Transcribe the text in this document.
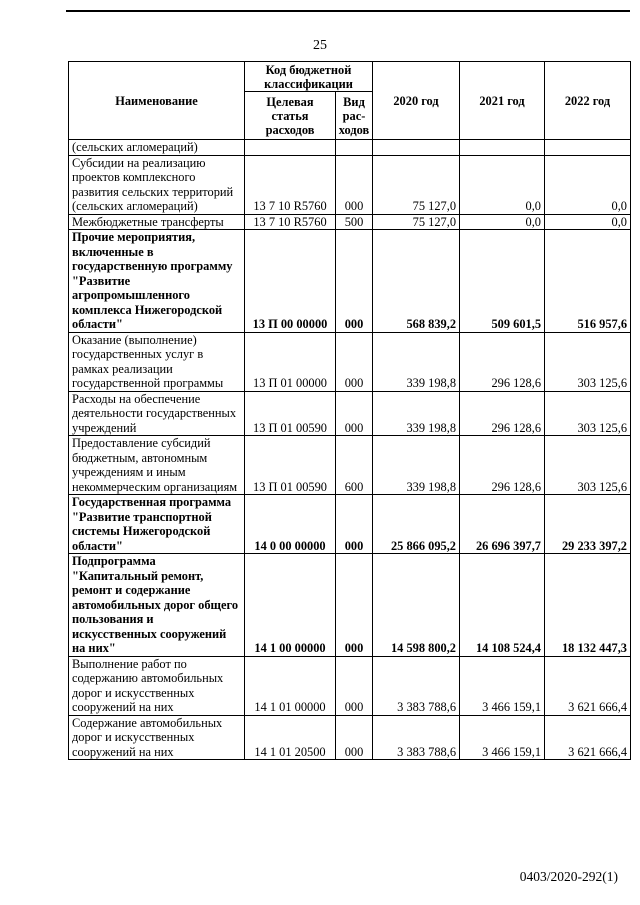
25
Наименование	Код бюджетной классификации		2020 год	2021 год	2022 год
	Целевая статья расходов	Вид рас-ходов			
(сельских агломераций)					
Субсидии на реализацию проектов комплексного развития сельских территорий (сельских агломераций)	13 7 10 R5760	000	75 127,0	0,0	0,0
Межбюджетные трансферты	13 7 10 R5760	500	75 127,0	0,0	0,0
Прочие мероприятия, включенные в государственную программу "Развитие агропромышленного комплекса Нижегородской области"	13 П 00 00000	000	568 839,2	509 601,5	516 957,6
Оказание (выполнение) государственных услуг в рамках реализации государственной программы	13 П 01 00000	000	339 198,8	296 128,6	303 125,6
Расходы на обеспечение деятельности государственных учреждений	13 П 01 00590	000	339 198,8	296 128,6	303 125,6
Предоставление субсидий бюджетным, автономным учреждениям и иным некоммерческим организациям	13 П 01 00590	600	339 198,8	296 128,6	303 125,6
Государственная программа "Развитие транспортной системы Нижегородской области"	14 0 00 00000	000	25 866 095,2	26 696 397,7	29 233 397,2
Подпрограмма "Капитальный ремонт, ремонт и содержание автомобильных дорог общего пользования и искусственных сооружений на них"	14 1 00 00000	000	14 598 800,2	14 108 524,4	18 132 447,3
Выполнение работ по содержанию автомобильных дорог и искусственных сооружений на них	14 1 01 00000	000	3 383 788,6	3 466 159,1	3 621 666,4
Содержание автомобильных дорог и искусственных сооружений на них	14 1 01 20500	000	3 383 788,6	3 466 159,1	3 621 666,4
0403/2020-292(1)
